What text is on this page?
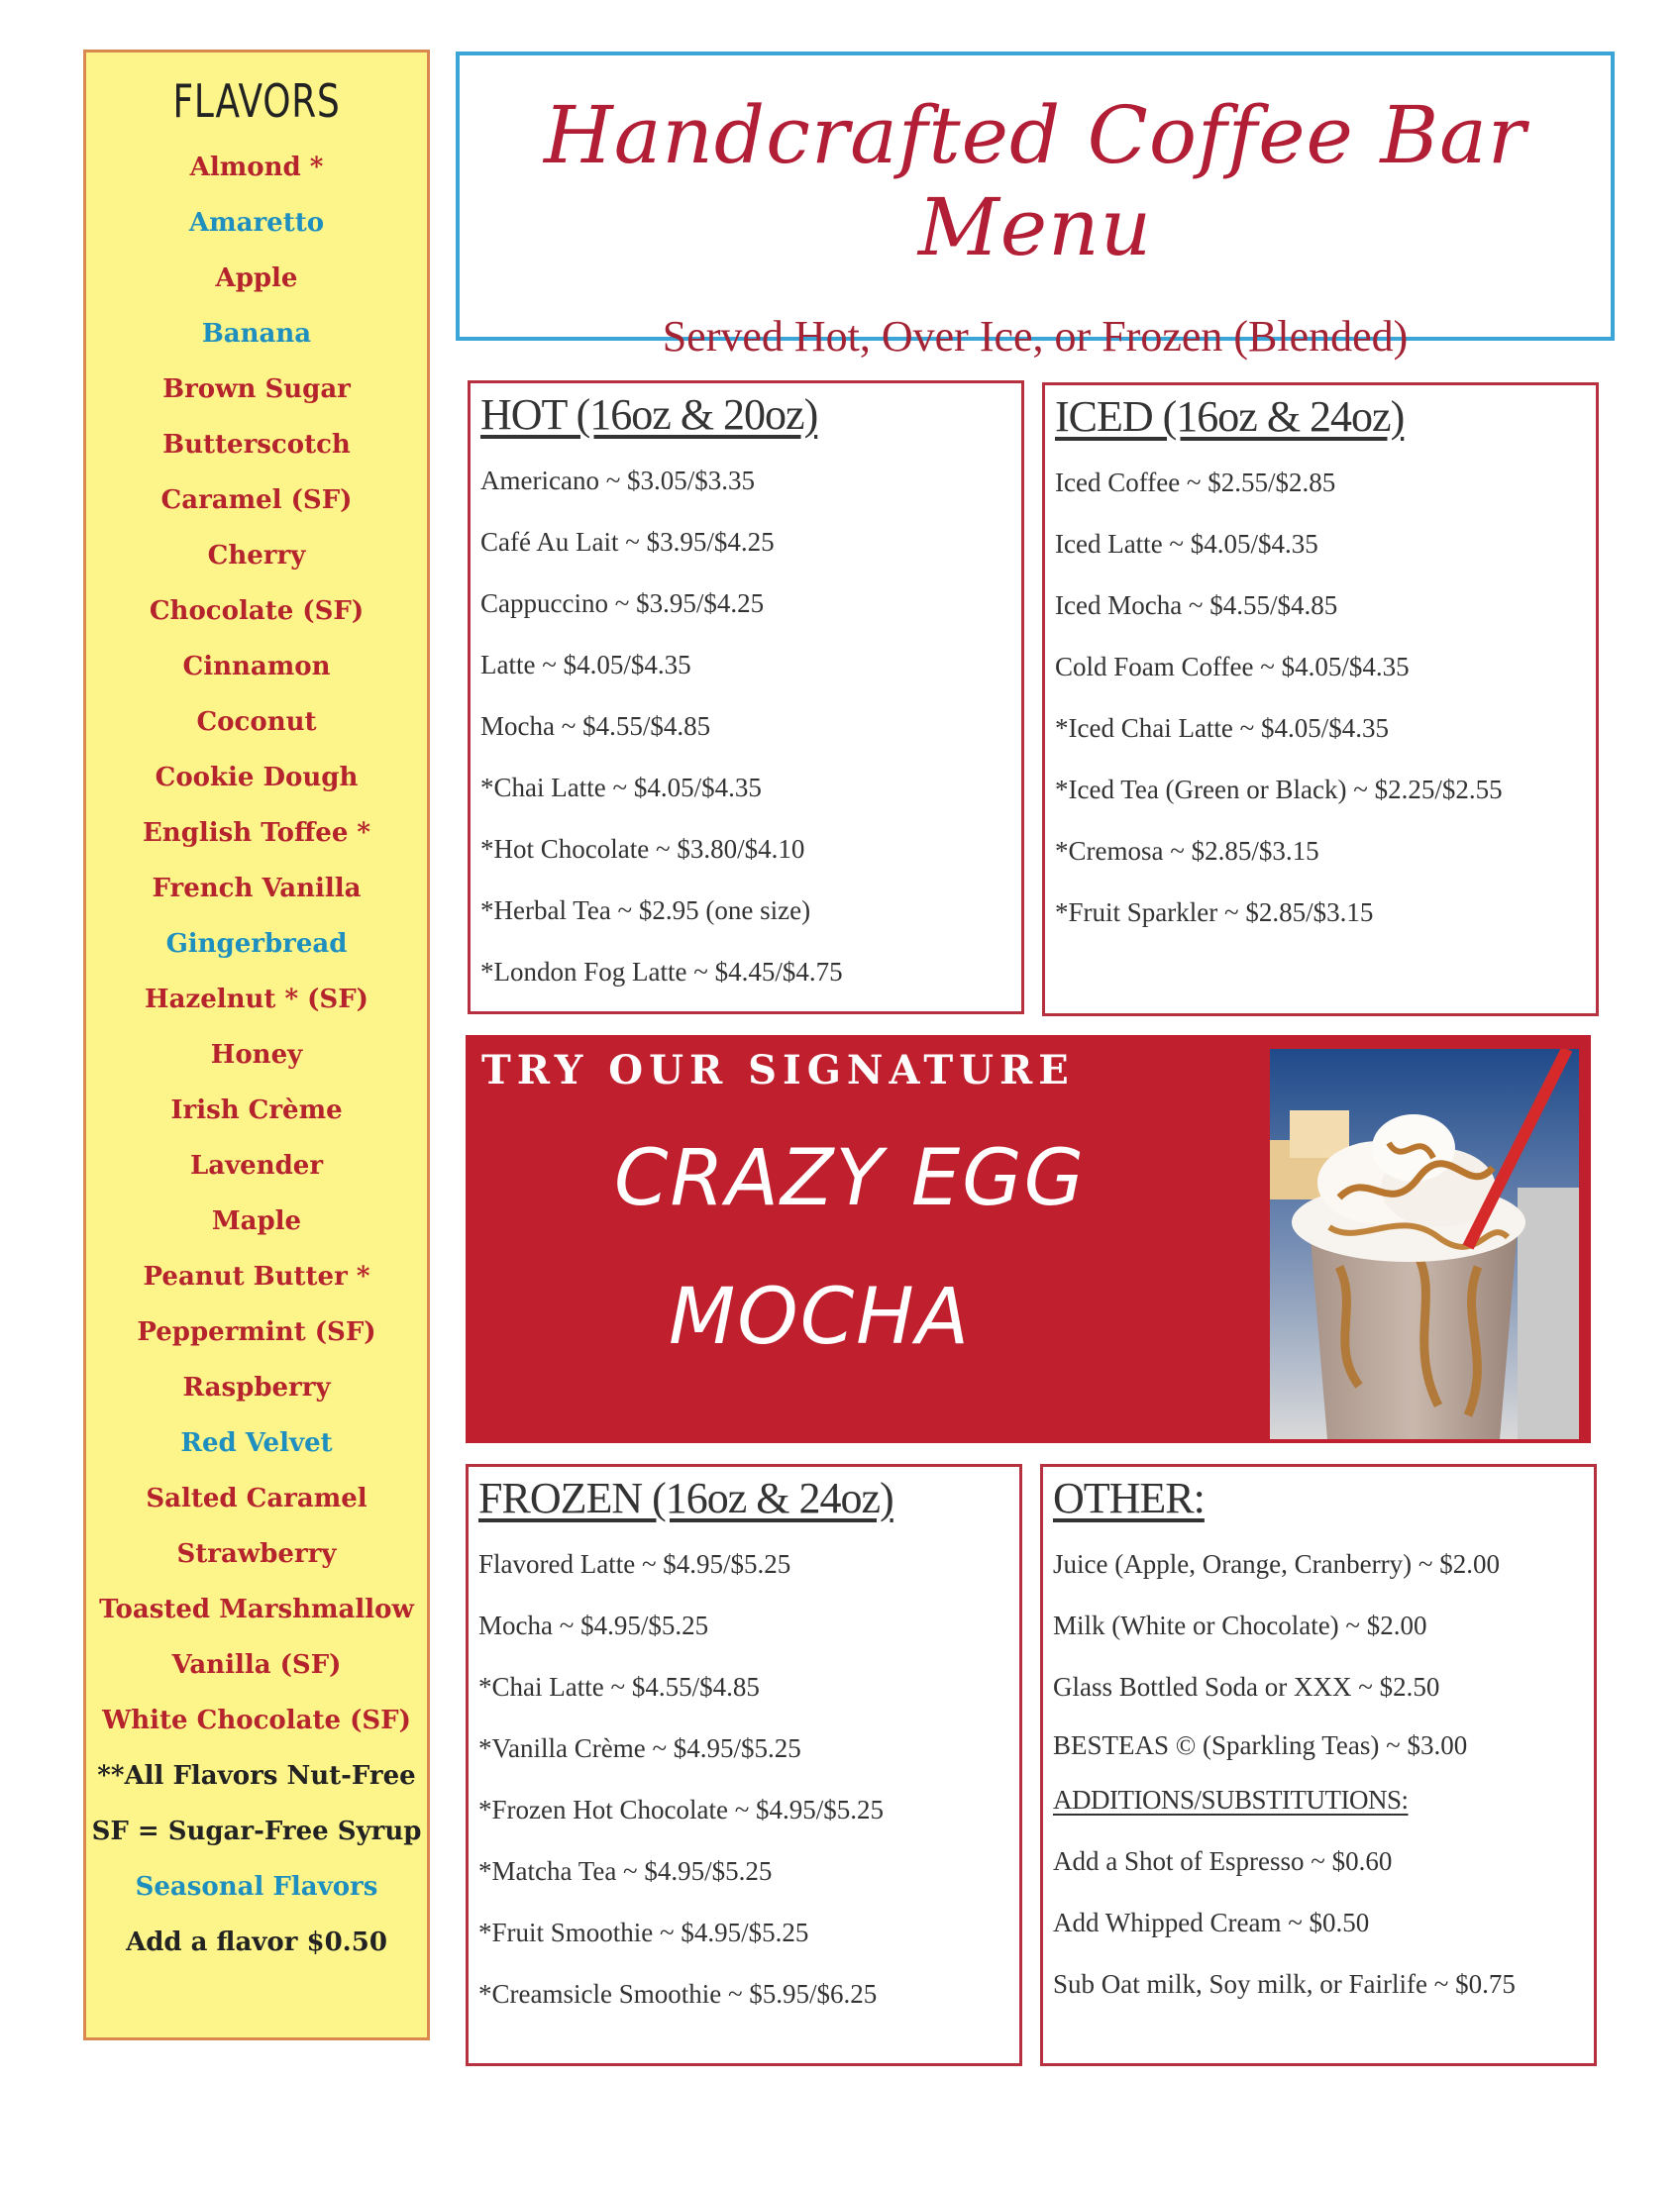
FLAVORS
Almond *
Amaretto
Apple
Banana
Brown Sugar
Butterscotch
Caramel (SF)
Cherry
Chocolate (SF)
Cinnamon
Coconut
Cookie Dough
English Toffee *
French Vanilla
Gingerbread
Hazelnut * (SF)
Honey
Irish Crème
Lavender
Maple
Peanut Butter *
Peppermint (SF)
Raspberry
Red Velvet
Salted Caramel
Strawberry
Toasted Marshmallow
Vanilla (SF)
White Chocolate (SF)
**All Flavors Nut-Free
SF = Sugar-Free Syrup
Seasonal Flavors
Add a flavor $0.50
Handcrafted Coffee Bar Menu
Served Hot, Over Ice, or Frozen (Blended)
HOT (16oz & 20oz)
Americano ~ $3.05/$3.35
Café Au Lait ~ $3.95/$4.25
Cappuccino ~ $3.95/$4.25
Latte ~ $4.05/$4.35
Mocha ~ $4.55/$4.85
*Chai Latte ~ $4.05/$4.35
*Hot Chocolate ~ $3.80/$4.10
*Herbal Tea ~ $2.95 (one size)
*London Fog Latte ~ $4.45/$4.75
ICED (16oz & 24oz)
Iced Coffee ~ $2.55/$2.85
Iced Latte ~ $4.05/$4.35
Iced Mocha ~ $4.55/$4.85
Cold Foam Coffee ~ $4.05/$4.35
*Iced Chai Latte ~ $4.05/$4.35
*Iced Tea (Green or Black) ~ $2.25/$2.55
*Cremosa ~ $2.85/$3.15
*Fruit Sparkler ~ $2.85/$3.15
TRY OUR SIGNATURE
CRAZY EGG
MOCHA
FROZEN (16oz & 24oz)
Flavored Latte ~ $4.95/$5.25
Mocha ~ $4.95/$5.25
*Chai Latte ~ $4.55/$4.85
*Vanilla Crème ~ $4.95/$5.25
*Frozen Hot Chocolate ~ $4.95/$5.25
*Matcha Tea ~ $4.95/$5.25
*Fruit Smoothie ~ $4.95/$5.25
*Creamsicle Smoothie ~ $5.95/$6.25
OTHER:
Juice (Apple, Orange, Cranberry) ~ $2.00
Milk (White or Chocolate) ~ $2.00
Glass Bottled Soda or XXX ~ $2.50
BESTEAS © (Sparkling Teas) ~ $3.00
ADDITIONS/SUBSTITUTIONS:
Add a Shot of Espresso ~ $0.60
Add Whipped Cream ~ $0.50
Sub Oat milk, Soy milk, or Fairlife ~ $0.75
